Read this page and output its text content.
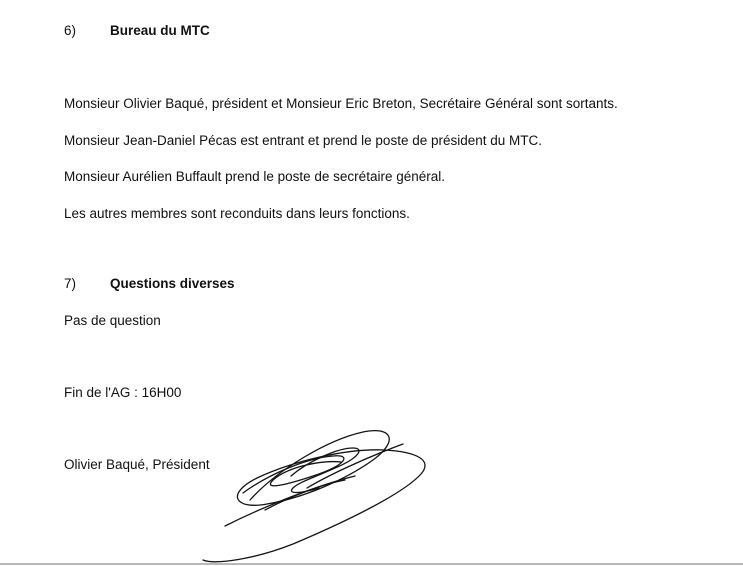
6)	Bureau du MTC
Monsieur Olivier Baqué, président et Monsieur Eric Breton, Secrétaire Général sont sortants.
Monsieur Jean-Daniel Pécas est entrant et prend le poste de président du MTC.
Monsieur Aurélien Buffault prend le poste de secrétaire général.
Les autres membres sont reconduits dans leurs fonctions.
7)	Questions diverses
Pas de question
Fin de l'AG : 16H00
Olivier Baqué, Président
